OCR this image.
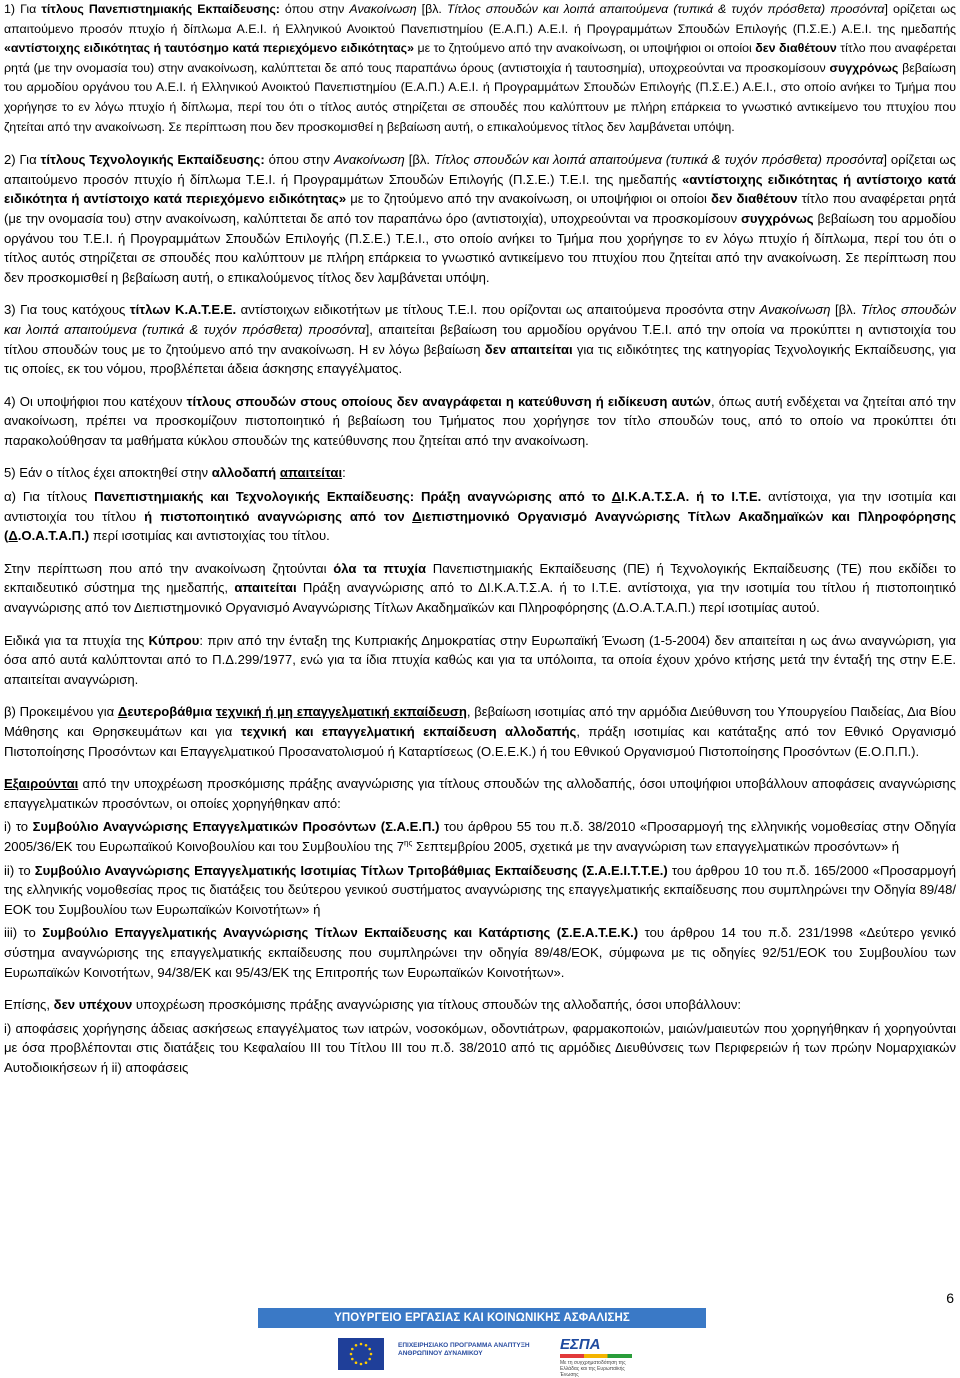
1) Για τίτλους Πανεπιστημιακής Εκπαίδευσης: όπου στην Ανακοίνωση [βλ. Τίτλος σπουδών και λοιπά απαιτούμενα (τυπικά & τυχόν πρόσθετα) προσόντα] ορίζεται ως απαιτούμενο προσόν πτυχίο ή δίπλωμα Α.Ε.Ι. ή Ελληνικού Ανοικτού Πανεπιστημίου (Ε.Α.Π.) Α.Ε.Ι. ή Προγραμμάτων Σπουδών Επιλογής (Π.Σ.Ε.) Α.Ε.Ι. της ημεδαπής «αντίστοιχης ειδικότητας ή ταυτόσημο κατά περιεχόμενο ειδικότητας» με το ζητούμενο από την ανακοίνωση, οι υποψήφιοι οι οποίοι δεν διαθέτουν τίτλο που αναφέρεται ρητά (με την ονομασία του) στην ανακοίνωση, καλύπτεται δε από τους παραπάνω όρους (αντιστοιχία ή ταυτοσημία), υποχρεούνται να προσκομίσουν συγχρόνως βεβαίωση του αρμοδίου οργάνου του Α.Ε.Ι. ή Ελληνικού Ανοικτού Πανεπιστημίου (Ε.Α.Π.) Α.Ε.Ι. ή Προγραμμάτων Σπουδών Επιλογής (Π.Σ.Ε.) Α.Ε.Ι., στο οποίο ανήκει το Τμήμα που χορήγησε το εν λόγω πτυχίο ή δίπλωμα, περί του ότι ο τίτλος αυτός στηρίζεται σε σπουδές που καλύπτουν με πλήρη επάρκεια το γνωστικό αντικείμενο του πτυχίου που ζητείται από την ανακοίνωση. Σε περίπτωση που δεν προσκομισθεί η βεβαίωση αυτή, ο επικαλούμενος τίτλος δεν λαμβάνεται υπόψη.

2) Για τίτλους Τεχνολογικής Εκπαίδευσης: όπου στην Ανακοίνωση [βλ. Τίτλος σπουδών και λοιπά απαιτούμενα (τυπικά & τυχόν πρόσθετα) προσόντα] ορίζεται ως απαιτούμενο προσόν πτυχίο ή δίπλωμα Τ.Ε.Ι. ή Προγραμμάτων Σπουδών Επιλογής (Π.Σ.Ε.) Τ.Ε.Ι. της ημεδαπής «αντίστοιχης ειδικότητας ή αντίστοιχο κατά ειδικότητα ή αντίστοιχο κατά περιεχόμενο ειδικότητας» με το ζητούμενο από την ανακοίνωση, οι υποψήφιοι οι οποίοι δεν διαθέτουν τίτλο που αναφέρεται ρητά (με την ονομασία του) στην ανακοίνωση, καλύπτεται δε από τον παραπάνω όρο (αντιστοιχία), υποχρεούνται να προσκομίσουν συγχρόνως βεβαίωση του αρμοδίου οργάνου του Τ.Ε.Ι. ή Προγραμμάτων Σπουδών Επιλογής (Π.Σ.Ε.) Τ.Ε.Ι., στο οποίο ανήκει το Τμήμα που χορήγησε το εν λόγω πτυχίο ή δίπλωμα, περί του ότι ο τίτλος αυτός στηρίζεται σε σπουδές που καλύπτουν με πλήρη επάρκεια το γνωστικό αντικείμενο του πτυχίου που ζητείται από την ανακοίνωση. Σε περίπτωση που δεν προσκομισθεί η βεβαίωση αυτή, ο επικαλούμενος τίτλος δεν λαμβάνεται υπόψη.

3) Για τους κατόχους τίτλων Κ.Α.Τ.Ε.Ε. αντίστοιχων ειδικοτήτων με τίτλους Τ.Ε.Ι. που ορίζονται ως απαιτούμενα προσόντα στην Ανακοίνωση [βλ. Τίτλος σπουδών και λοιπά απαιτούμενα (τυπικά & τυχόν πρόσθετα) προσόντα], απαιτείται βεβαίωση του αρμοδίου οργάνου Τ.Ε.Ι. από την οποία να προκύπτει η αντιστοιχία του τίτλου σπουδών τους με το ζητούμενο από την ανακοίνωση. Η εν λόγω βεβαίωση δεν απαιτείται για τις ειδικότητες της κατηγορίας Τεχνολογικής Εκπαίδευσης, για τις οποίες, εκ του νόμου, προβλέπεται άδεια άσκησης επαγγέλματος.

4) Οι υποψήφιοι που κατέχουν τίτλους σπουδών στους οποίους δεν αναγράφεται η κατεύθυνση ή ειδίκευση αυτών, όπως αυτή ενδέχεται να ζητείται από την ανακοίνωση, πρέπει να προσκομίζουν πιστοποιητικό ή βεβαίωση του Τμήματος που χορήγησε τον τίτλο σπουδών τους, από το οποίο να προκύπτει ότι παρακολούθησαν τα μαθήματα κύκλου σπουδών της κατεύθυνσης που ζητείται από την ανακοίνωση.

5) Εάν ο τίτλος έχει αποκτηθεί στην αλλοδαπή απαιτείται:

α) Για τίτλους Πανεπιστημιακής και Τεχνολογικής Εκπαίδευσης: Πράξη αναγνώρισης από το ΔΙ.Κ.Α.Τ.Σ.Α. ή το Ι.Τ.Ε. αντίστοιχα, για την ισοτιμία και αντιστοιχία του τίτλου ή πιστοποιητικό αναγνώρισης από τον Διεπιστημονικό Οργανισμό Αναγνώρισης Τίτλων Ακαδημαϊκών και Πληροφόρησης (Δ.Ο.Α.Τ.Α.Π.) περί ισοτιμίας και αντιστοιχίας του τίτλου.

Στην περίπτωση που από την ανακοίνωση ζητούνται όλα τα πτυχία Πανεπιστημιακής Εκπαίδευσης (ΠΕ) ή Τεχνολογικής Εκπαίδευσης (ΤΕ) που εκδίδει το εκπαιδευτικό σύστημα της ημεδαπής, απαιτείται Πράξη αναγνώρισης από το ΔΙ.Κ.Α.Τ.Σ.Α. ή το Ι.Τ.Ε. αντίστοιχα, για την ισοτιμία του τίτλου ή πιστοποιητικό αναγνώρισης από τον Διεπιστημονικό Οργανισμό Αναγνώρισης Τίτλων Ακαδημαϊκών και Πληροφόρησης (Δ.Ο.Α.Τ.Α.Π.) περί ισοτιμίας αυτού.

Ειδικά για τα πτυχία της Κύπρου: πριν από την ένταξη της Κυπριακής Δημοκρατίας στην Ευρωπαϊκή Ένωση (1-5-2004) δεν απαιτείται η ως άνω αναγνώριση, για όσα από αυτά καλύπτονται από το Π.Δ.299/1977, ενώ για τα ίδια πτυχία καθώς και για τα υπόλοιπα, τα οποία έχουν χρόνο κτήσης μετά την ένταξή της στην Ε.Ε. απαιτείται αναγνώριση.

β) Προκειμένου για Δευτεροβάθμια τεχνική ή μη επαγγελματική εκπαίδευση, βεβαίωση ισοτιμίας από την αρμόδια Διεύθυνση του Υπουργείου Παιδείας, Δια Βίου Μάθησης και Θρησκευμάτων και για τεχνική και επαγγελματική εκπαίδευση αλλοδαπής, πράξη ισοτιμίας και κατάταξης από τον Εθνικό Οργανισμό Πιστοποίησης Προσόντων και Επαγγελματικού Προσανατολισμού ή Καταρτίσεως (Ο.Ε.Ε.Κ.) ή του Εθνικού Οργανισμού Πιστοποίησης Προσόντων (Ε.Ο.Π.Π.).

Εξαιρούνται από την υποχρέωση προσκόμισης πράξης αναγνώρισης για τίτλους σπουδών της αλλοδαπής, όσοι υποψήφιοι υποβάλλουν αποφάσεις αναγνώρισης επαγγελματικών προσόντων, οι οποίες χορηγήθηκαν από:

i) το Συμβούλιο Αναγνώρισης Επαγγελματικών Προσόντων (Σ.Α.Ε.Π.) του άρθρου 55 του π.δ. 38/2010 «Προσαρμογή της ελληνικής νομοθεσίας στην Οδηγία 2005/36/ΕΚ του Ευρωπαϊκού Κοινοβουλίου και του Συμβουλίου της $7^{\eta\varsigma}$ Σεπτεμβρίου 2005, σχετικά με την αναγνώριση των επαγγελματικών προσόντων» ή

ii) το Συμβούλιο Αναγνώρισης Επαγγελματικής Ισοτιμίας Τίτλων Τριτοβάθμιας Εκπαίδευσης (Σ.Α.Ε.Ι.Τ.Τ.Ε.) του άρθρου 10 του π.δ. 165/2000 «Προσαρμογή της ελληνικής νομοθεσίας προς τις διατάξεις του δεύτερου γενικού συστήματος αναγνώρισης της επαγγελματικής εκπαίδευσης που συμπληρώνει την Οδηγία 89/48/ΕΟΚ του Συμβουλίου των Ευρωπαϊκών Κοινοτήτων» ή

iii) το Συμβούλιο Επαγγελματικής Αναγνώρισης Τίτλων Εκπαίδευσης και Κατάρτισης (Σ.Ε.Α.Τ.Ε.Κ.) του άρθρου 14 του π.δ. 231/1998 «Δεύτερο γενικό σύστημα αναγνώρισης της επαγγελματικής εκπαίδευσης που συμπληρώνει την οδηγία 89/48/ΕΟΚ, σύμφωνα με τις οδηγίες 92/51/ΕΟΚ του Συμβουλίου των Ευρωπαϊκών Κοινοτήτων, 94/38/ΕΚ και 95/43/ΕΚ της Επιτροπής των Ευρωπαϊκών Κοινοτήτων».

Επίσης, δεν υπέχουν υποχρέωση προσκόμισης πράξης αναγνώρισης για τίτλους σπουδών της αλλοδαπής, όσοι υποβάλλουν:

i) αποφάσεις χορήγησης άδειας ασκήσεως επαγγέλματος των ιατρών, νοσοκόμων, οδοντιάτρων, φαρμακοποιών, μαιών/μαιευτών που χορηγήθηκαν ή χορηγούνται με όσα προβλέπονται στις διατάξεις του Κεφαλαίου ΙΙΙ του Τίτλου ΙΙΙ του π.δ. 38/2010 από τις αρμόδιες Διευθύνσεις των Περιφερειών ή των πρώην Νομαρχιακών Αυτοδιοικήσεων ή ii) αποφάσεις

6
ΥΠΟΥΡΓΕΙΟ ΕΡΓΑΣΙΑΣ ΚΑΙ ΚΟΙΝΩΝΙΚΗΣ ΑΣΦΑΛΙΣΗΣ
ΕΠΙΧΕΙΡΗΣΙΑΚΟ ΠΡΟΓΡΑΜΜΑ ΑΝΑΠΤΥΞΗ ΑΝΘΡΩΠΙΝΟΥ ΔΥΝΑΜΙΚΟΥ
ΕΣΠΑ
Με τη συγχρηματοδότηση της Ελλάδας και της Ευρωπαϊκής Ένωσης
